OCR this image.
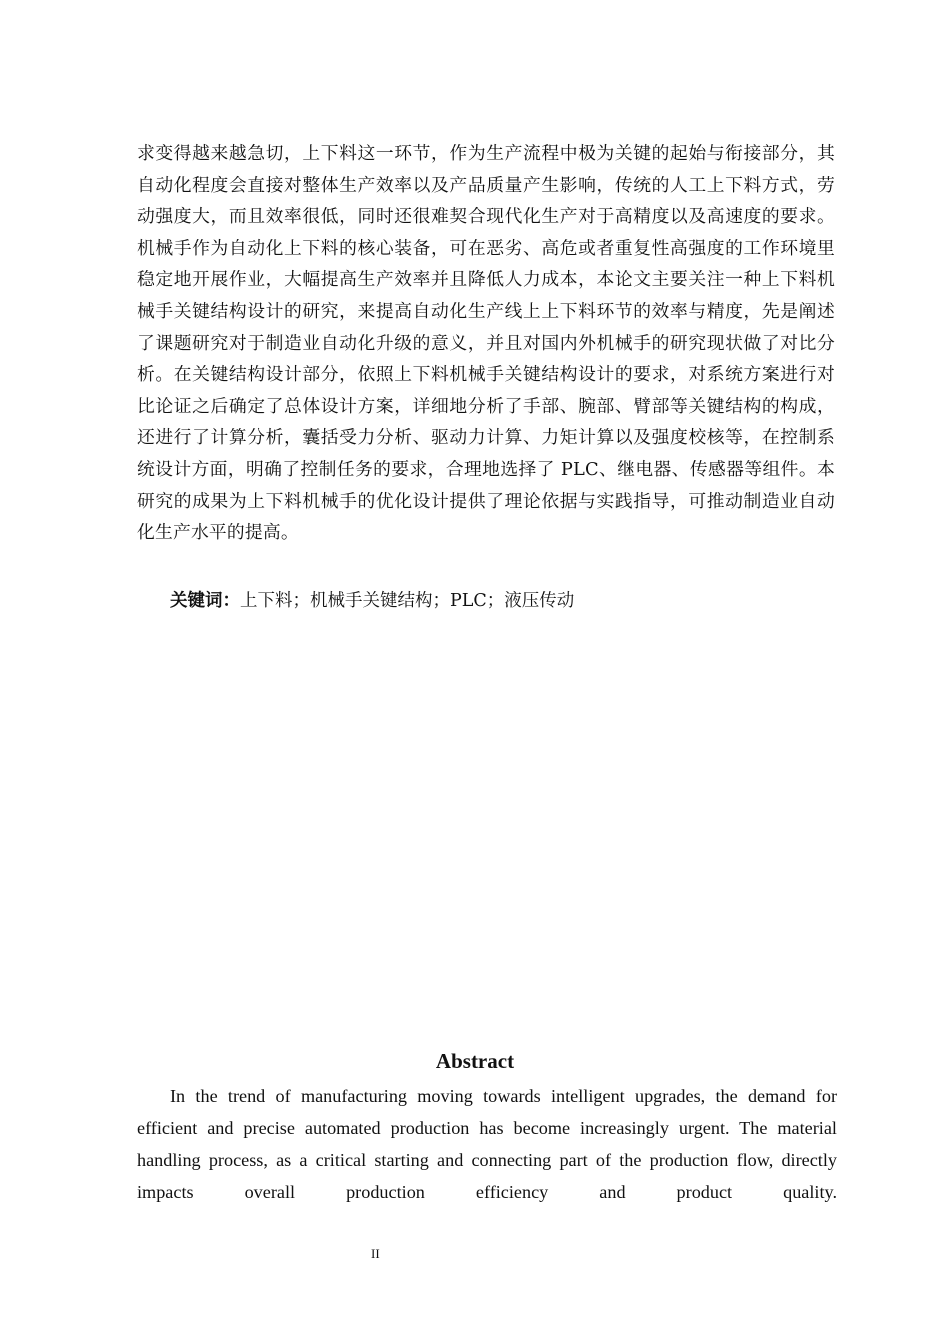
求变得越来越急切，上下料这一环节，作为生产流程中极为关键的起始与衔接部分，其自动化程度会直接对整体生产效率以及产品质量产生影响，传统的人工上下料方式，劳动强度大，而且效率很低，同时还很难契合现代化生产对于高精度以及高速度的要求。机械手作为自动化上下料的核心装备，可在恶劣、高危或者重复性高强度的工作环境里稳定地开展作业，大幅提高生产效率并且降低人力成本，本论文主要关注一种上下料机械手关键结构设计的研究，来提高自动化生产线上上下料环节的效率与精度，先是阐述了课题研究对于制造业自动化升级的意义，并且对国内外机械手的研究现状做了对比分析。在关键结构设计部分，依照上下料机械手关键结构设计的要求，对系统方案进行对比论证之后确定了总体设计方案，详细地分析了手部、腕部、臂部等关键结构的构成，还进行了计算分析，囊括受力分析、驱动力计算、力矩计算以及强度校核等，在控制系统设计方面，明确了控制任务的要求，合理地选择了 PLC、继电器、传感器等组件。本研究的成果为上下料机械手的优化设计提供了理论依据与实践指导，可推动制造业自动化生产水平的提高。
关键词：上下料；机械手关键结构；PLC；液压传动
Abstract
In the trend of manufacturing moving towards intelligent upgrades, the demand for efficient and precise automated production has become increasingly urgent. The material handling process, as a critical starting and connecting part of the production flow, directly impacts overall production efficiency and product quality.
II
